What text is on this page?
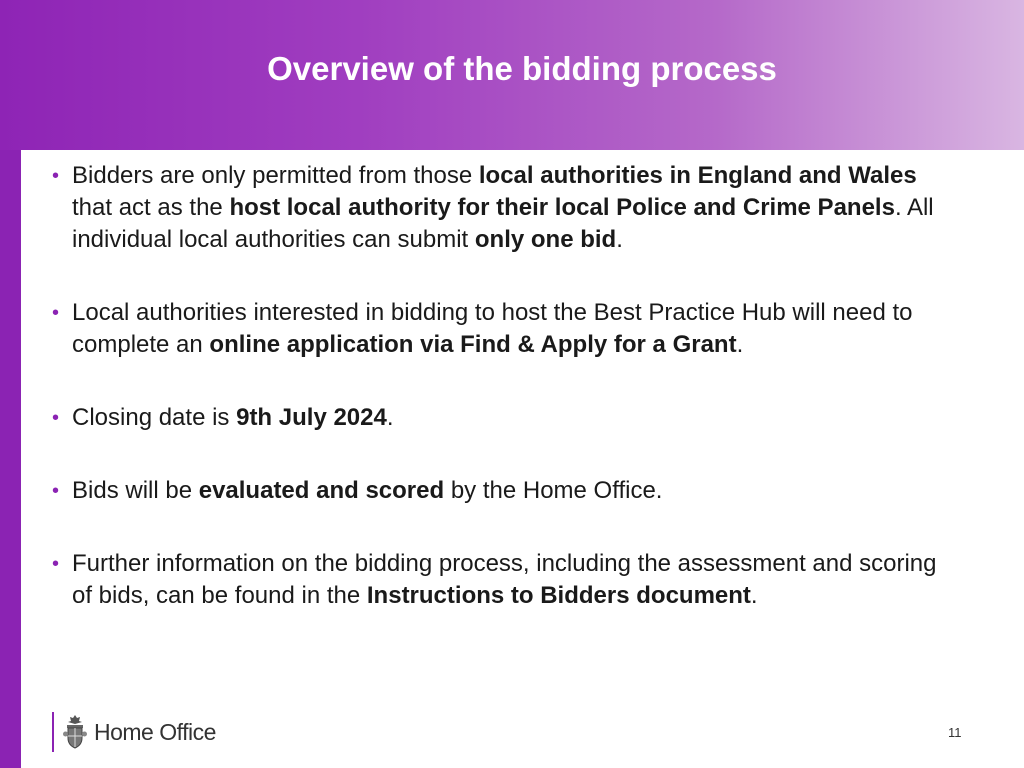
Overview of the bidding process
• Bidders are only permitted from those local authorities in England and Wales that act as the host local authority for their local Police and Crime Panels. All individual local authorities can submit only one bid.
• Local authorities interested in bidding to host the Best Practice Hub will need to complete an online application via Find & Apply for a Grant.
• Closing date is 9th July 2024.
• Bids will be evaluated and scored by the Home Office.
• Further information on the bidding process, including the assessment and scoring of bids, can be found in the Instructions to Bidders document.
Home Office	11
